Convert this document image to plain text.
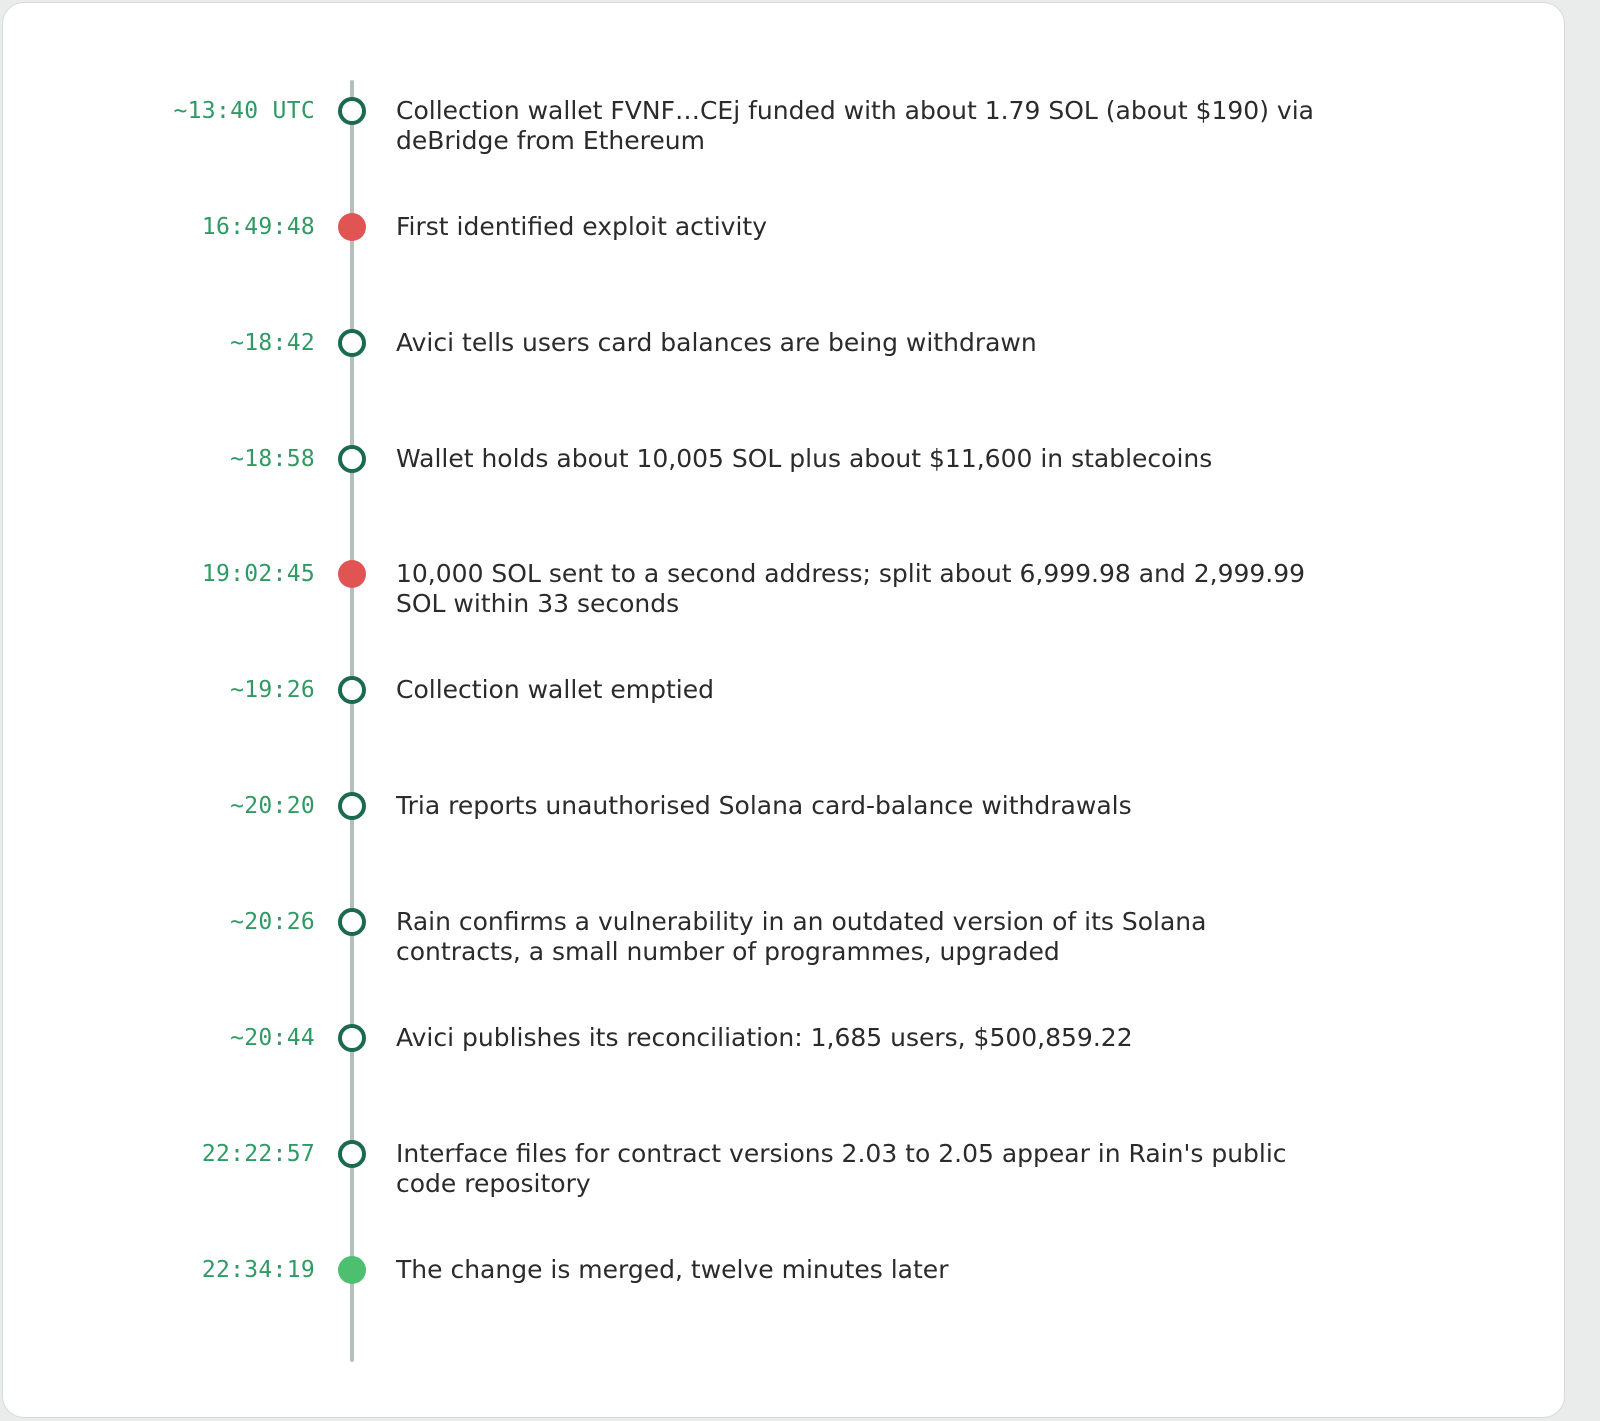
~13:40 UTC	Collection wallet FVNF…CEj funded with about 1.79 SOL (about $190) via deBridge from Ethereum
16:49:48	First identified exploit activity
~18:42	Avici tells users card balances are being withdrawn
~18:58	Wallet holds about 10,005 SOL plus about $11,600 in stablecoins
19:02:45	10,000 SOL sent to a second address; split about 6,999.98 and 2,999.99 SOL within 33 seconds
~19:26	Collection wallet emptied
~20:20	Tria reports unauthorised Solana card-balance withdrawals
~20:26	Rain confirms a vulnerability in an outdated version of its Solana contracts, a small number of programmes, upgraded
~20:44	Avici publishes its reconciliation: 1,685 users, $500,859.22
22:22:57	Interface files for contract versions 2.03 to 2.05 appear in Rain's public code repository
22:34:19	The change is merged, twelve minutes later
